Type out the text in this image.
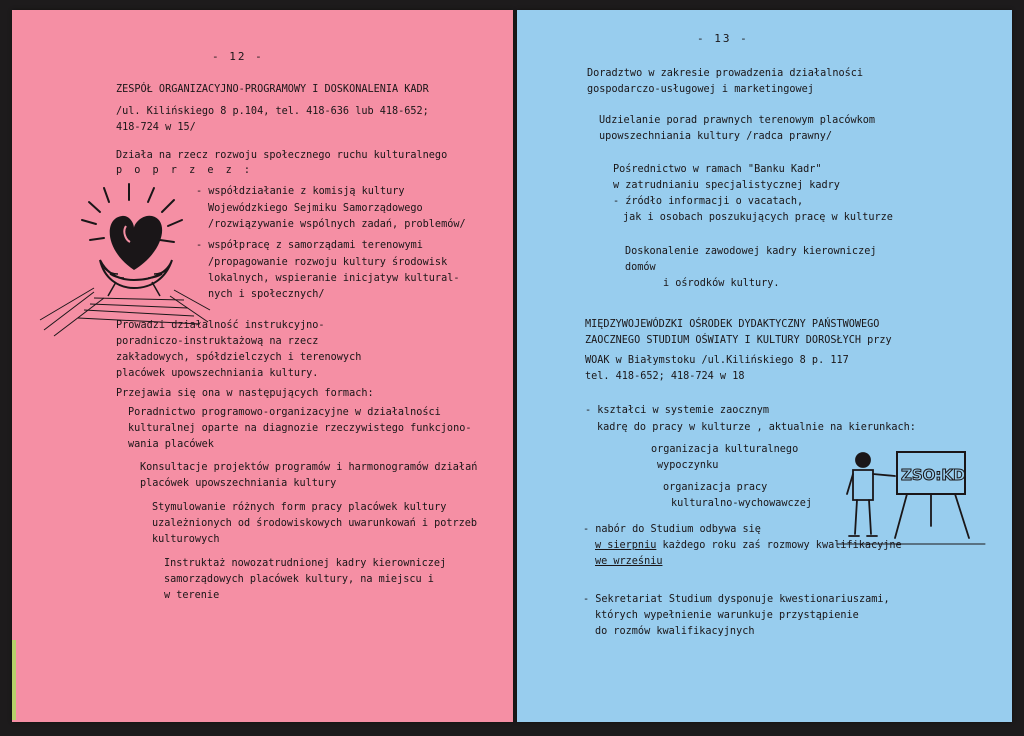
- 12 -
ZESPÓŁ ORGANIZACYJNO-PROGRAMOWY I DOSKONALENIA KADR
/ul. Kilińskiego 8 p.104, tel. 418-636 lub 418-652;
418-724 w 15/
Działa na rzecz rozwoju społecznego ruchu kulturalnego
p o p r z e z :
- współdziałanie z komisją kultury
Wojewódzkiego Sejmiku Samorządowego
/rozwiązywanie wspólnych zadań, problemów/
- współpracę z samorządami terenowymi
/propagowanie rozwoju kultury środowisk
lokalnych, wspieranie inicjatyw kultural-
nych i społecznych/
Prowadzi działalność instrukcyjno-
poradniczo-instruktażową na rzecz
zakładowych, spółdzielczych i terenowych
placówek upowszechniania kultury.
Przejawia się ona w następujących formach:
Poradnictwo programowo-organizacyjne w działalności
kulturalnej oparte na diagnozie rzeczywistego funkcjono-
wania placówek
Konsultacje projektów programów i harmonogramów działań
placówek upowszechniania kultury
Stymulowanie różnych form pracy placówek kultury
uzależnionych od środowiskowych uwarunkowań i potrzeb
kulturowych
Instruktaż nowozatrudnionej kadry kierowniczej
samorządowych placówek kultury, na miejscu i
w terenie
- 13 -
Doradztwo w zakresie prowadzenia działalności
gospodarczo-usługowej i marketingowej
Udzielanie porad prawnych terenowym placówkom
upowszechniania kultury /radca prawny/
Pośrednictwo w ramach "Banku Kadr"
w zatrudnianiu specjalistycznej kadry
- źródło informacji o vacatach,
jak i osobach poszukujących pracę w kulturze
Doskonalenie zawodowej kadry kierowniczej
domów
i ośrodków kultury.
MIĘDZYWOJEWÓDZKI OŚRODEK DYDAKTYCZNY PAŃSTWOWEGO
ZAOCZNEGO STUDIUM OŚWIATY I KULTURY DOROSŁYCH przy
WOAK w Białymstoku /ul.Kilińskiego 8 p. 117
tel. 418-652; 418-724 w 18
- kształci w systemie zaocznym
kadrę do pracy w kulturze , aktualnie na kierunkach:
organizacja kulturalnego
wypoczynku
organizacja pracy
kulturalno-wychowawczej
ZSO:KD
- nabór do Studium odbywa się
w sierpniu każdego roku zaś rozmowy kwalifikacyjne
we wrześniu
- Sekretariat Studium dysponuje kwestionariuszami,
których wypełnienie warunkuje przystąpienie
do rozmów kwalifikacyjnych
